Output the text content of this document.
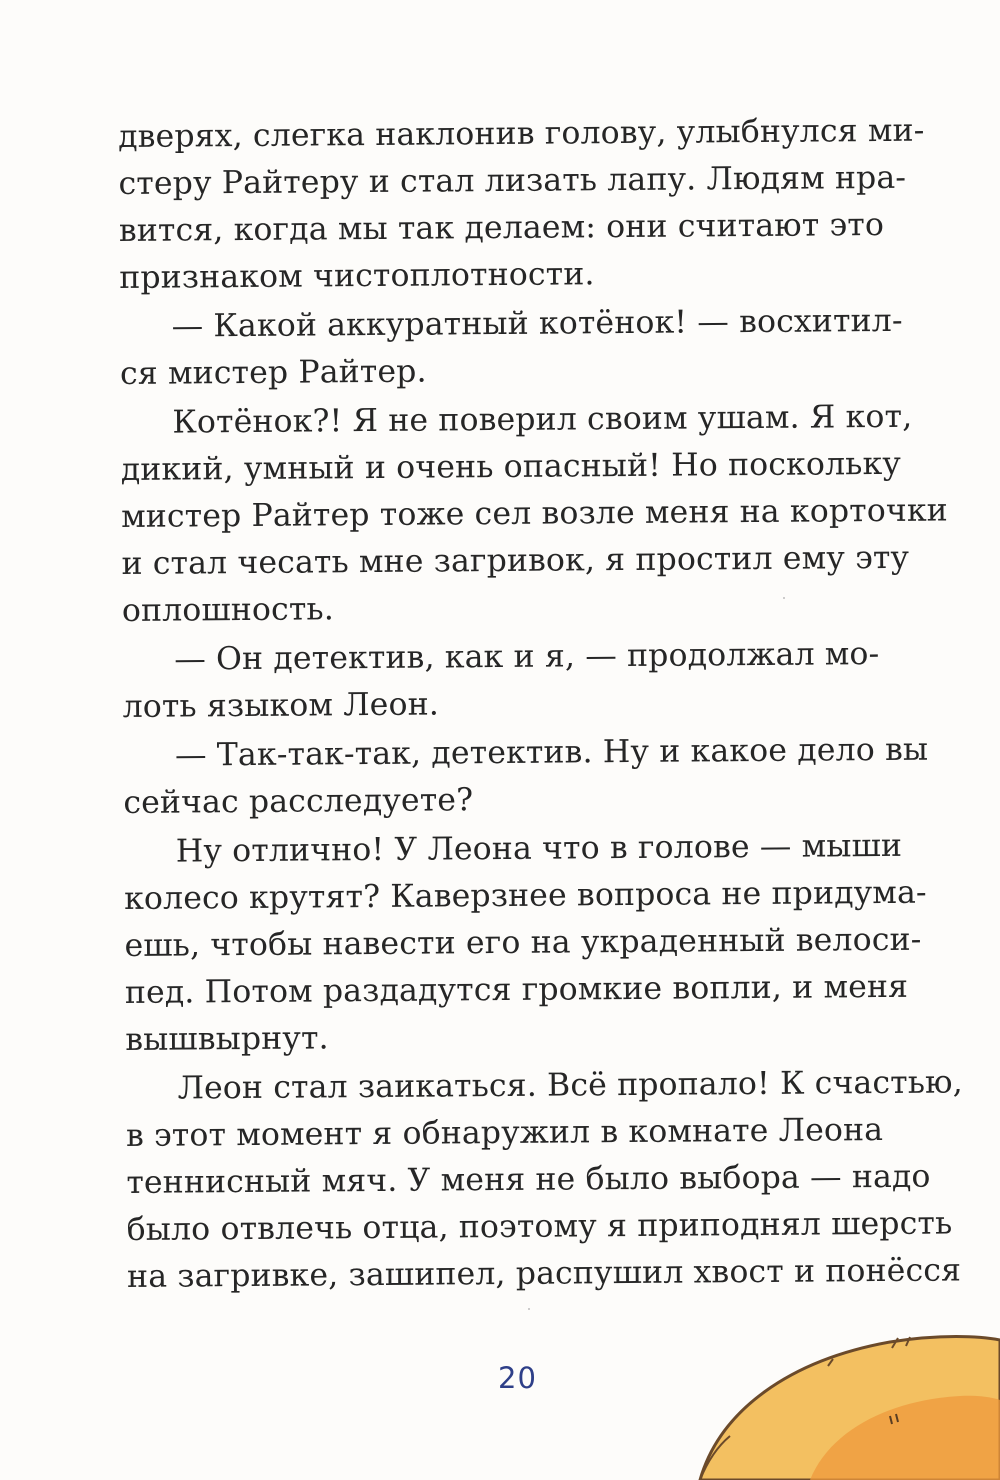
дверях, слегка наклонив голову, улыбнулся ми-
стеру Райтеру и стал лизать лапу. Людям нра-
вится, когда мы так делаем: они считают это
признаком чистоплотности.
— Какой аккуратный котёнок! — восхитил-
ся мистер Райтер.
Котёнок?! Я не поверил своим ушам. Я кот,
дикий, умный и очень опасный! Но поскольку
мистер Райтер тоже сел возле меня на корточки
и стал чесать мне загривок, я простил ему эту
оплошность.
— Он детектив, как и я, — продолжал мо-
лоть языком Леон.
— Так-так-так, детектив. Ну и какое дело вы
сейчас расследуете?
Ну отлично! У Леона что в голове — мыши
колесо крутят? Каверзнее вопроса не придума-
ешь, чтобы навести его на украденный велоси-
пед. Потом раздадутся громкие вопли, и меня
вышвырнут.
Леон стал заикаться. Всё пропало! К счастью,
в этот момент я обнаружил в комнате Леона
теннисный мяч. У меня не было выбора — надо
было отвлечь отца, поэтому я приподнял шерсть
на загривке, зашипел, распушил хвост и понёсся
20
